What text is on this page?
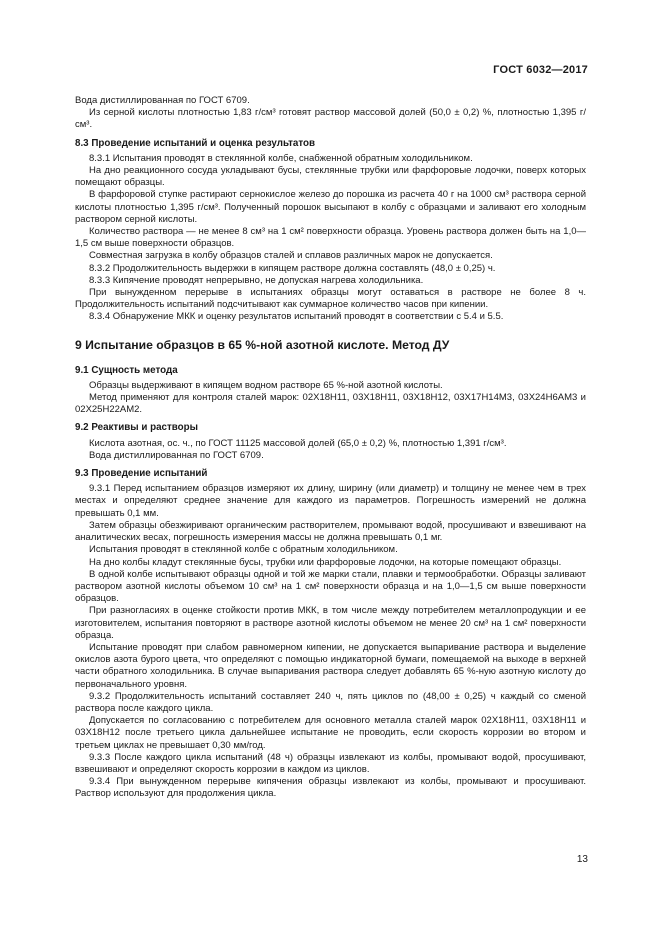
ГОСТ 6032—2017
Вода дистиллированная по ГОСТ 6709.
Из серной кислоты плотностью 1,83 г/см³ готовят раствор массовой долей (50,0 ± 0,2) %, плотностью 1,395 г/см³.
8.3 Проведение испытаний и оценка результатов
8.3.1 Испытания проводят в стеклянной колбе, снабженной обратным холодильником.
На дно реакционного сосуда укладывают бусы, стеклянные трубки или фарфоровые лодочки, поверх которых помещают образцы.
В фарфоровой ступке растирают сернокислое железо до порошка из расчета 40 г на 1000 см³ раствора серной кислоты плотностью 1,395 г/см³. Полученный порошок высыпают в колбу с образцами и заливают его холодным раствором серной кислоты.
Количество раствора — не менее 8 см³ на 1 см² поверхности образца. Уровень раствора должен быть на 1,0—1,5 см выше поверхности образцов.
Совместная загрузка в колбу образцов сталей и сплавов различных марок не допускается.
8.3.2 Продолжительность выдержки в кипящем растворе должна составлять (48,0 ± 0,25) ч.
8.3.3 Кипячение проводят непрерывно, не допуская нагрева холодильника.
При вынужденном перерыве в испытаниях образцы могут оставаться в растворе не более 8 ч. Продолжительность испытаний подсчитывают как суммарное количество часов при кипении.
8.3.4 Обнаружение МКК и оценку результатов испытаний проводят в соответствии с 5.4 и 5.5.
9 Испытание образцов в 65 %-ной азотной кислоте. Метод ДУ
9.1 Сущность метода
Образцы выдерживают в кипящем водном растворе 65 %-ной азотной кислоты.
Метод применяют для контроля сталей марок: 02Х18Н11, 03Х18Н11, 03Х18Н12, 03Х17Н14М3, 03Х24Н6АМ3 и 02Х25Н22АМ2.
9.2 Реактивы и растворы
Кислота азотная, ос. ч., по ГОСТ 11125 массовой долей (65,0 ± 0,2) %, плотностью 1,391 г/см³.
Вода дистиллированная по ГОСТ 6709.
9.3 Проведение испытаний
9.3.1 Перед испытанием образцов измеряют их длину, ширину (или диаметр) и толщину не менее чем в трех местах и определяют среднее значение для каждого из параметров. Погрешность измерений не должна превышать 0,1 мм.
Затем образцы обезжиривают органическим растворителем, промывают водой, просушивают и взвешивают на аналитических весах, погрешность измерения массы не должна превышать 0,1 мг.
Испытания проводят в стеклянной колбе с обратным холодильником.
На дно колбы кладут стеклянные бусы, трубки или фарфоровые лодочки, на которые помещают образцы.
В одной колбе испытывают образцы одной и той же марки стали, плавки и термообработки. Образцы заливают раствором азотной кислоты объемом 10 см³ на 1 см² поверхности образца и на 1,0—1,5 см выше поверхности образцов.
При разногласиях в оценке стойкости против МКК, в том числе между потребителем металлопродукции и ее изготовителем, испытания повторяют в растворе азотной кислоты объемом не менее 20 см³ на 1 см² поверхности образца.
Испытание проводят при слабом равномерном кипении, не допускается выпаривание раствора и выделение окислов азота бурого цвета, что определяют с помощью индикаторной бумаги, помещаемой на выходе в верхней части обратного холодильника. В случае выпаривания раствора следует добавлять 65 %-ную азотную кислоту до первоначального уровня.
9.3.2 Продолжительность испытаний составляет 240 ч, пять циклов по (48,00 ± 0,25) ч каждый со сменой раствора после каждого цикла.
Допускается по согласованию с потребителем для основного металла сталей марок 02Х18Н11, 03Х18Н11 и 03Х18Н12 после третьего цикла дальнейшее испытание не проводить, если скорость коррозии во втором и третьем циклах не превышает 0,30 мм/год.
9.3.3 После каждого цикла испытаний (48 ч) образцы извлекают из колбы, промывают водой, просушивают, взвешивают и определяют скорость коррозии в каждом из циклов.
9.3.4 При вынужденном перерыве кипячения образцы извлекают из колбы, промывают и просушивают. Раствор используют для продолжения цикла.
13
